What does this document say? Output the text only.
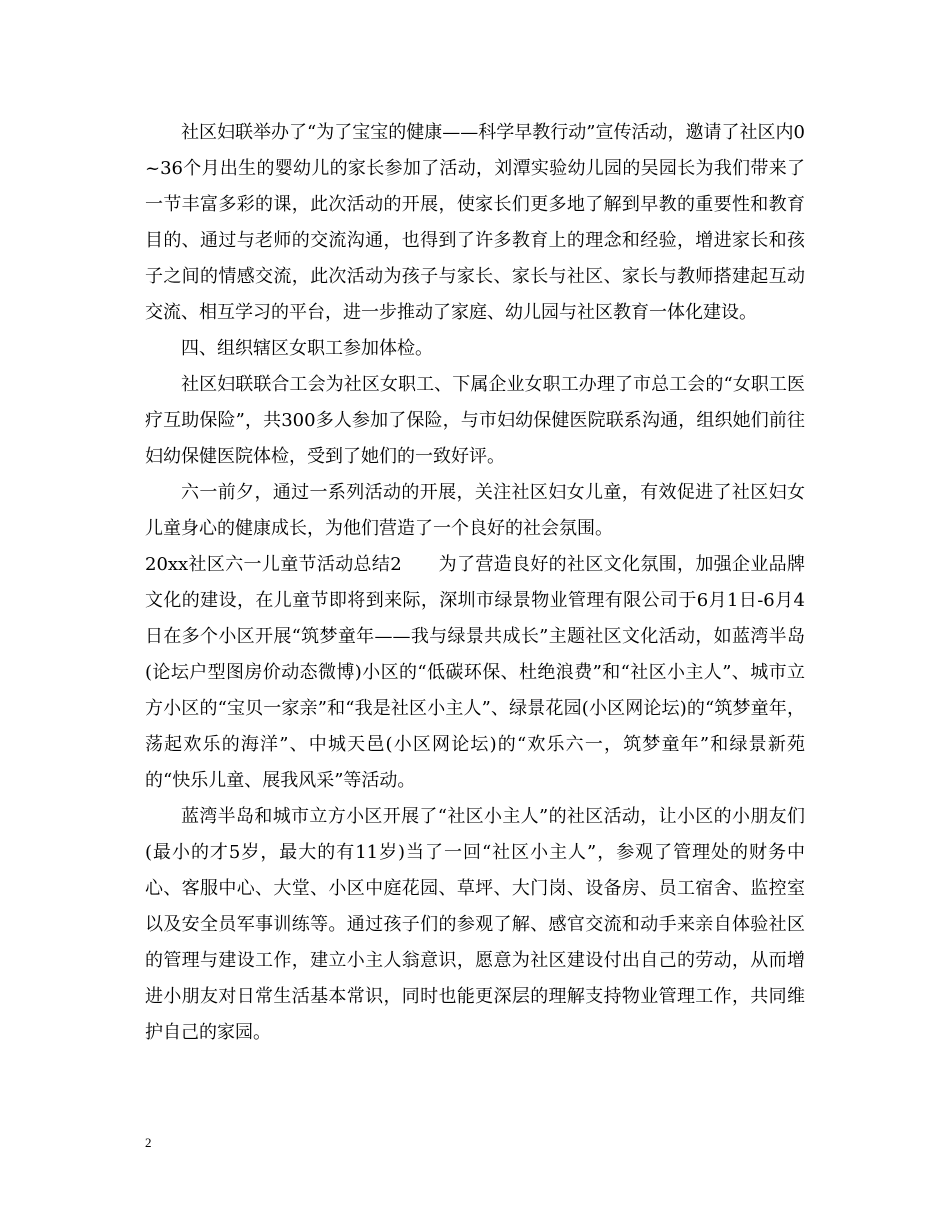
社区妇联举办了“为了宝宝的健康——科学早教行动”宣传活动，邀请了社区内0~36个月出生的婴幼儿的家长参加了活动，刘潭实验幼儿园的吴园长为我们带来了一节丰富多彩的课，此次活动的开展，使家长们更多地了解到早教的重要性和教育目的、通过与老师的交流沟通，也得到了许多教育上的理念和经验，增进家长和孩子之间的情感交流，此次活动为孩子与家长、家长与社区、家长与教师搭建起互动交流、相互学习的平台，进一步推动了家庭、幼儿园与社区教育一体化建设。

四、组织辖区女职工参加体检。

社区妇联联合工会为社区女职工、下属企业女职工办理了市总工会的“女职工医疗互助保险”，共300多人参加了保险，与市妇幼保健医院联系沟通，组织她们前往妇幼保健医院体检，受到了她们的一致好评。

六一前夕，通过一系列活动的开展，关注社区妇女儿童，有效促进了社区妇女儿童身心的健康成长，为他们营造了一个良好的社会氛围。

20xx社区六一儿童节活动总结2　　为了营造良好的社区文化氛围，加强企业品牌文化的建设，在儿童节即将到来际，深圳市绿景物业管理有限公司于6月1日-6月4日在多个小区开展“筑梦童年——我与绿景共成长”主题社区文化活动，如蓝湾半岛(论坛户型图房价动态微博)小区的“低碳环保、杜绝浪费”和“社区小主人”、城市立方小区的“宝贝一家亲”和“我是社区小主人”、绿景花园(小区网论坛)的“筑梦童年，荡起欢乐的海洋”、中城天邑(小区网论坛)的“欢乐六一，筑梦童年”和绿景新苑的“快乐儿童、展我风采”等活动。

蓝湾半岛和城市立方小区开展了“社区小主人”的社区活动，让小区的小朋友们(最小的才5岁，最大的有11岁)当了一回“社区小主人”，参观了管理处的财务中心、客服中心、大堂、小区中庭花园、草坪、大门岗、设备房、员工宿舍、监控室以及安全员军事训练等。通过孩子们的参观了解、感官交流和动手来亲自体验社区的管理与建设工作，建立小主人翁意识，愿意为社区建设付出自己的劳动，从而增进小朋友对日常生活基本常识，同时也能更深层的理解支持物业管理工作，共同维护自己的家园。

2
